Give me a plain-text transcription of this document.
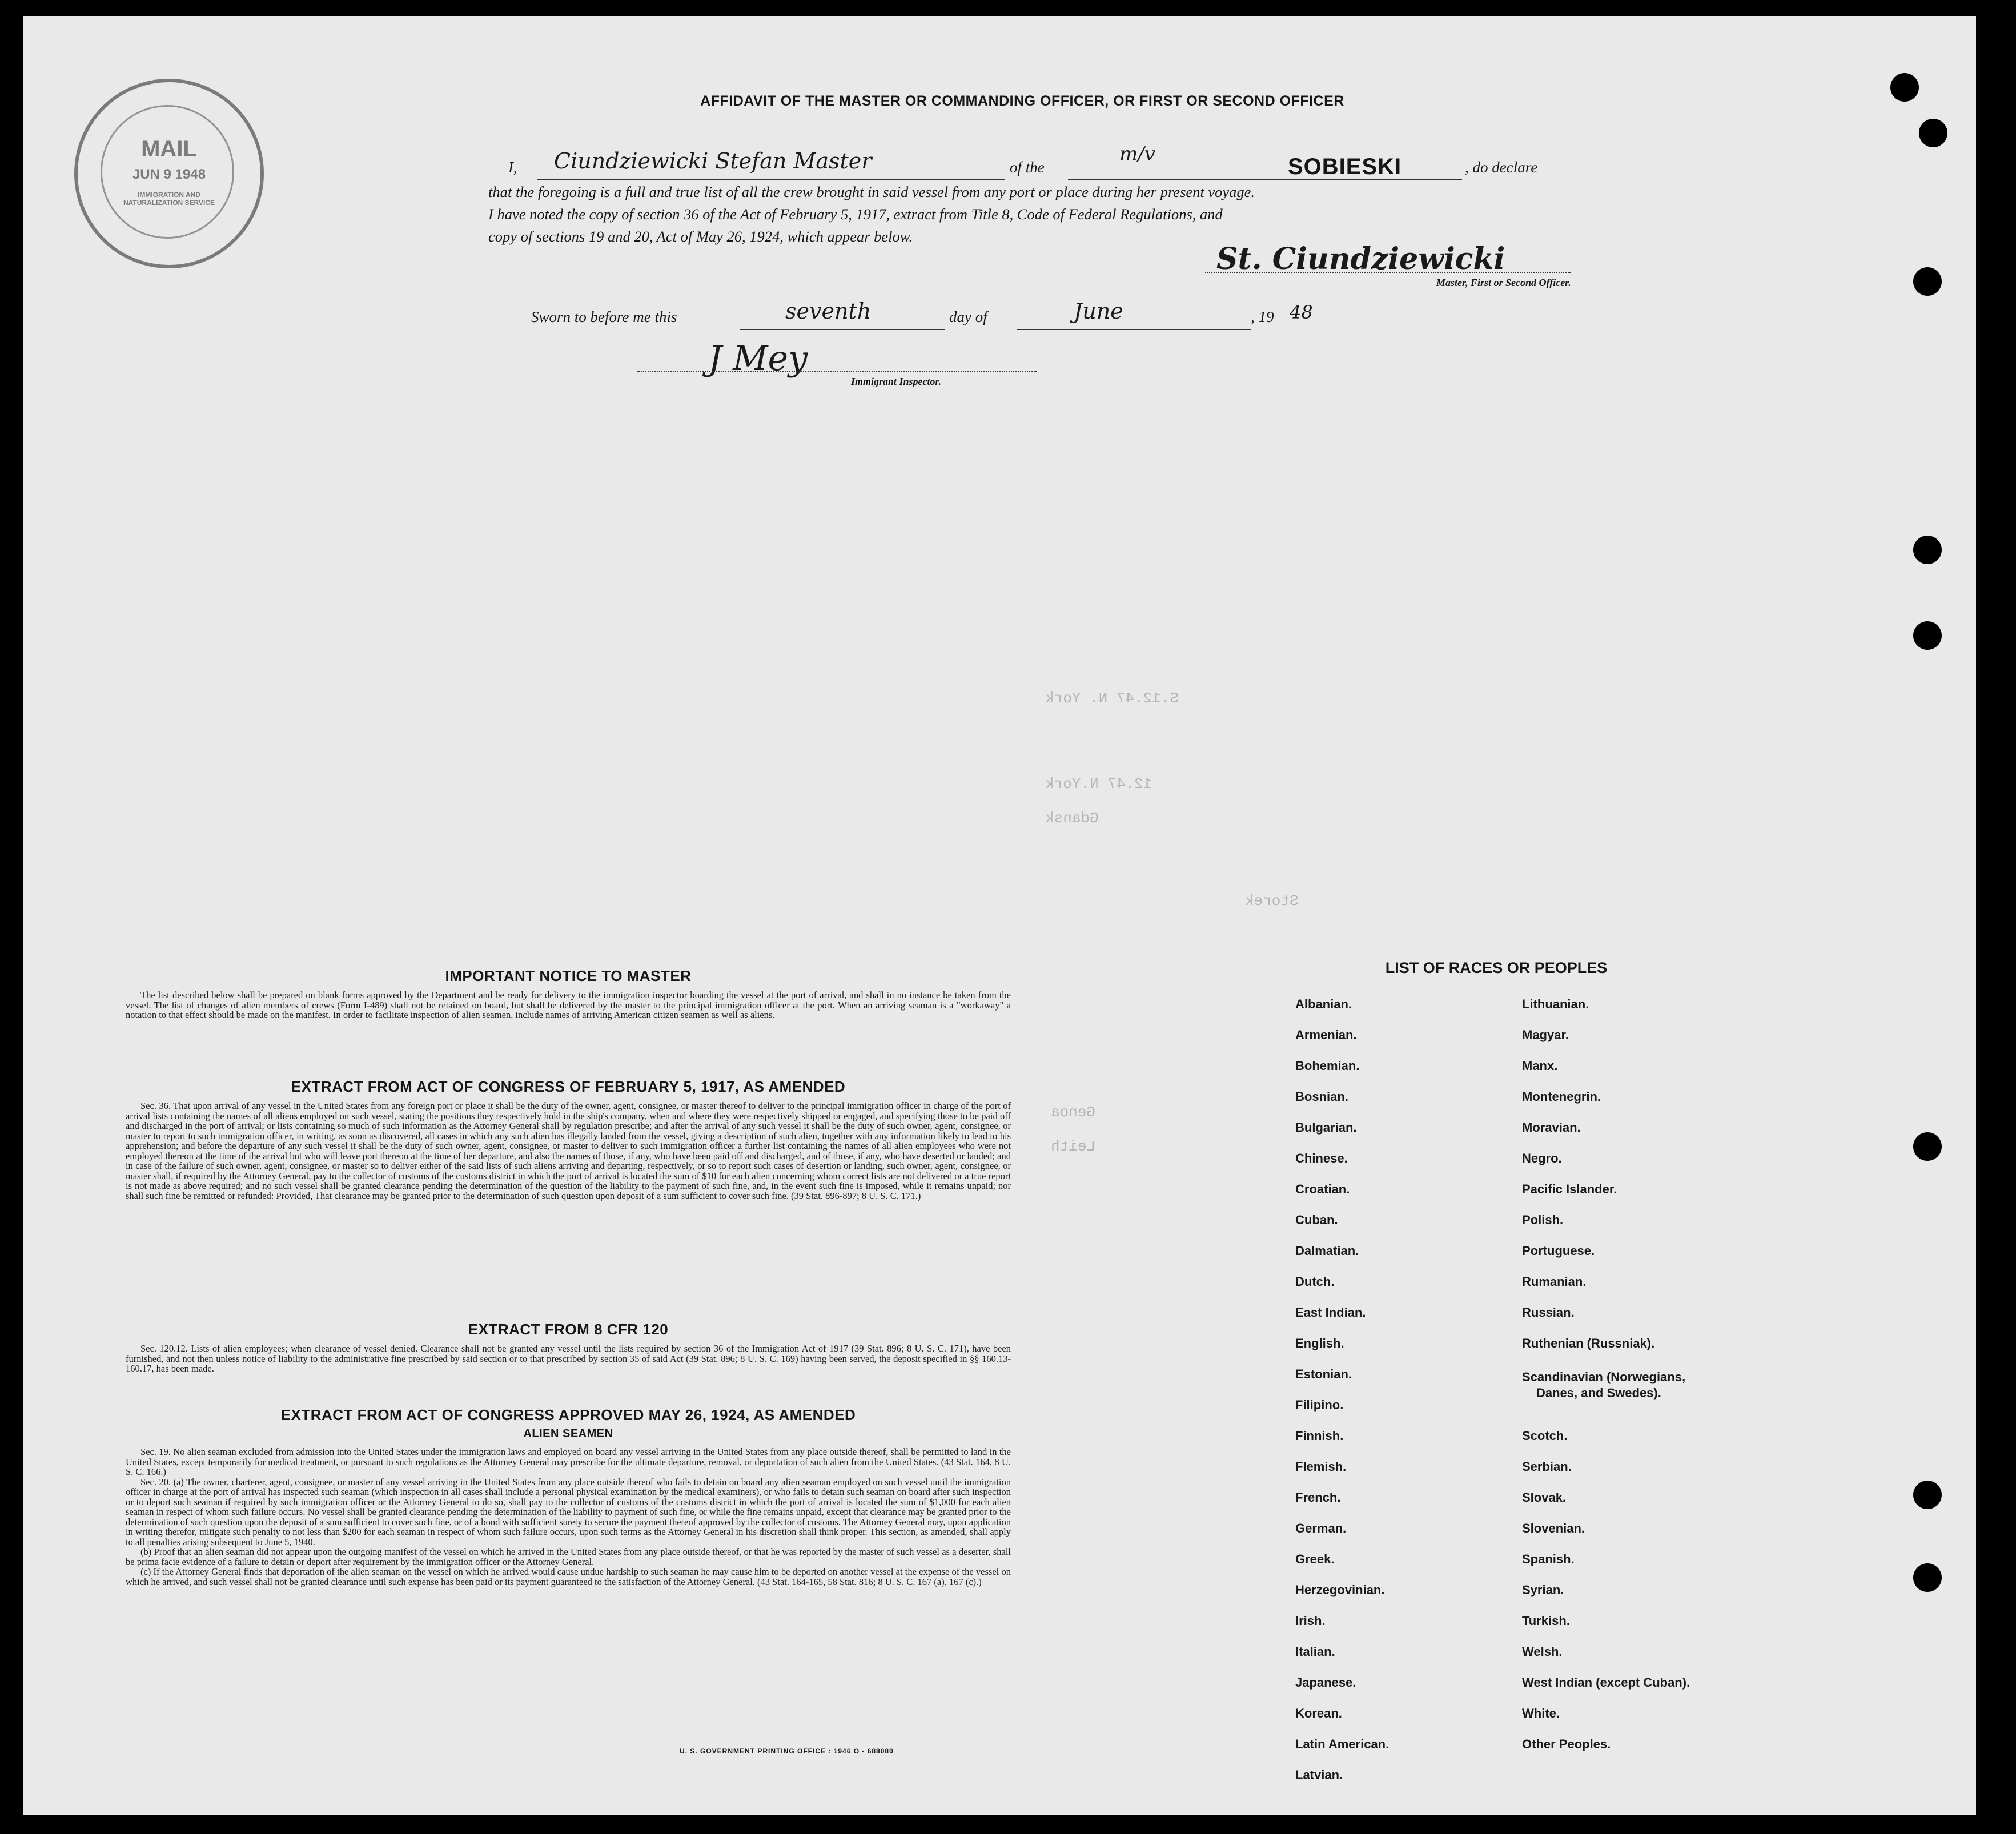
MAIL
JUN 9 1948
IMMIGRATION AND NATURALIZATION SERVICE
AFFIDAVIT OF THE MASTER OR COMMANDING OFFICER, OR FIRST OR SECOND OFFICER
I, Ciundziewicki Stefan Master	of the
m/v	SOBIESKI	, do declare
that the foregoing is a full and true list of all the crew brought in said vessel from any port or place during her present voyage.
I have noted the copy of section 36 of the Act of February 5, 1917, extract from Title 8, Code of Federal Regulations, and
copy of sections 19 and 20, Act of May 26, 1924, which appear below.
St. Ciundziewicki
Master, First or Second Officer.
Sworn to before me this	seventh	day of	June	, 19 48
J Mey
Immigrant Inspector.
S.12.47 N. York
12.47 N.York
Gdansk
Storek
Genoa
Leith
IMPORTANT NOTICE TO MASTER

The list described below shall be prepared on blank forms approved by the Department and be ready for delivery to the immigration inspector boarding the vessel at the port of arrival, and shall in no instance be taken from the vessel. The list of changes of alien members of crews (Form I-489) shall not be retained on board, but shall be delivered by the master to the principal immigration officer at the port. When an arriving seaman is a "workaway" a notation to that effect should be made on the manifest. In order to facilitate inspection of alien seamen, include names of arriving American citizen seamen as well as aliens.

EXTRACT FROM ACT OF CONGRESS OF FEBRUARY 5, 1917, AS AMENDED

Sec. 36. That upon arrival of any vessel in the United States from any foreign port or place it shall be the duty of the owner, agent, consignee, or master thereof to deliver to the principal immigration officer in charge of the port of arrival lists containing the names of all aliens employed on such vessel, stating the positions they respectively hold in the ship's company, when and where they were respectively shipped or engaged, and specifying those to be paid off and discharged in the port of arrival; or lists containing so much of such information as the Attorney General shall by regulation prescribe; and after the arrival of any such vessel it shall be the duty of such owner, agent, consignee, or master to report to such immigration officer, in writing, as soon as discovered, all cases in which any such alien has illegally landed from the vessel, giving a description of such alien, together with any information likely to lead to his apprehension; and before the departure of any such vessel it shall be the duty of such owner, agent, consignee, or master to deliver to such immigration officer a further list containing the names of all alien employees who were not employed thereon at the time of the arrival but who will leave port thereon at the time of her departure, and also the names of those, if any, who have been paid off and discharged, and of those, if any, who have deserted or landed; and in case of the failure of such owner, agent, consignee, or master so to deliver either of the said lists of such aliens arriving and departing, respectively, or so to report such cases of desertion or landing, such owner, agent, consignee, or master shall, if required by the Attorney General, pay to the collector of customs of the customs district in which the port of arrival is located the sum of $10 for each alien concerning whom correct lists are not delivered or a true report is not made as above required; and no such vessel shall be granted clearance pending the determination of the question of the liability to the payment of such fine, and, in the event such fine is imposed, while it remains unpaid; nor shall such fine be remitted or refunded: Provided, That clearance may be granted prior to the determination of such question upon deposit of a sum sufficient to cover such fine. (39 Stat. 896-897; 8 U. S. C. 171.)

EXTRACT FROM 8 CFR 120

Sec. 120.12. Lists of alien employees; when clearance of vessel denied. Clearance shall not be granted any vessel until the lists required by section 36 of the Immigration Act of 1917 (39 Stat. 896; 8 U. S. C. 171), have been furnished, and not then unless notice of liability to the administrative fine prescribed by said section or to that prescribed by section 35 of said Act (39 Stat. 896; 8 U. S. C. 169) having been served, the deposit specified in §§ 160.13-160.17, has been made.

EXTRACT FROM ACT OF CONGRESS APPROVED MAY 26, 1924, AS AMENDED
ALIEN SEAMEN

Sec. 19. No alien seaman excluded from admission into the United States under the immigration laws and employed on board any vessel arriving in the United States from any place outside thereof, shall be permitted to land in the United States, except temporarily for medical treatment, or pursuant to such regulations as the Attorney General may prescribe for the ultimate departure, removal, or deportation of such alien from the United States. (43 Stat. 164, 8 U. S. C. 166.)

Sec. 20. (a) The owner, charterer, agent, consignee, or master of any vessel arriving in the United States from any place outside thereof who fails to detain on board any alien seaman employed on such vessel until the immigration officer in charge at the port of arrival has inspected such seaman (which inspection in all cases shall include a personal physical examination by the medical examiners), or who fails to detain such seaman on board after such inspection or to deport such seaman if required by such immigration officer or the Attorney General to do so, shall pay to the collector of customs of the customs district in which the port of arrival is located the sum of $1,000 for each alien seaman in respect of whom such failure occurs. No vessel shall be granted clearance pending the determination of the liability to payment of such fine, or while the fine remains unpaid, except that clearance may be granted prior to the determination of such question upon the deposit of a sum sufficient to cover such fine, or of a bond with sufficient surety to secure the payment thereof approved by the collector of customs. The Attorney General may, upon application in writing therefor, mitigate such penalty to not less than $200 for each seaman in respect of whom such failure occurs, upon such terms as the Attorney General in his discretion shall think proper. This section, as amended, shall apply to all penalties arising subsequent to June 5, 1940.

(b) Proof that an alien seaman did not appear upon the outgoing manifest of the vessel on which he arrived in the United States from any place outside thereof, or that he was reported by the master of such vessel as a deserter, shall be prima facie evidence of a failure to detain or deport after requirement by the immigration officer or the Attorney General.

(c) If the Attorney General finds that deportation of the alien seaman on the vessel on which he arrived would cause undue hardship to such seaman he may cause him to be deported on another vessel at the expense of the vessel on which he arrived, and such vessel shall not be granted clearance until such expense has been paid or its payment guaranteed to the satisfaction of the Attorney General. (43 Stat. 164-165, 58 Stat. 816; 8 U. S. C. 167 (a), 167 (c).)

U. S. GOVERNMENT PRINTING OFFICE : 1946 O - 688080
LIST OF RACES OR PEOPLES
Albanian.
Armenian.
Bohemian.
Bosnian.
Bulgarian.
Chinese.
Croatian.
Cuban.
Dalmatian.
Dutch.
East Indian.
English.
Estonian.
Filipino.
Finnish.
Flemish.
French.
German.
Greek.
Herzegovinian.
Irish.
Italian.
Japanese.
Korean.
Latin American.
Latvian.
Lithuanian.
Magyar.
Manx.
Montenegrin.
Moravian.
Negro.
Pacific Islander.
Polish.
Portuguese.
Rumanian.
Russian.
Ruthenian (Russniak).
Scandinavian (Norwegians,
Danes, and Swedes).
Scotch.
Serbian.
Slovak.
Slovenian.
Spanish.
Syrian.
Turkish.
Welsh.
West Indian (except Cuban).
White.
Other Peoples.
